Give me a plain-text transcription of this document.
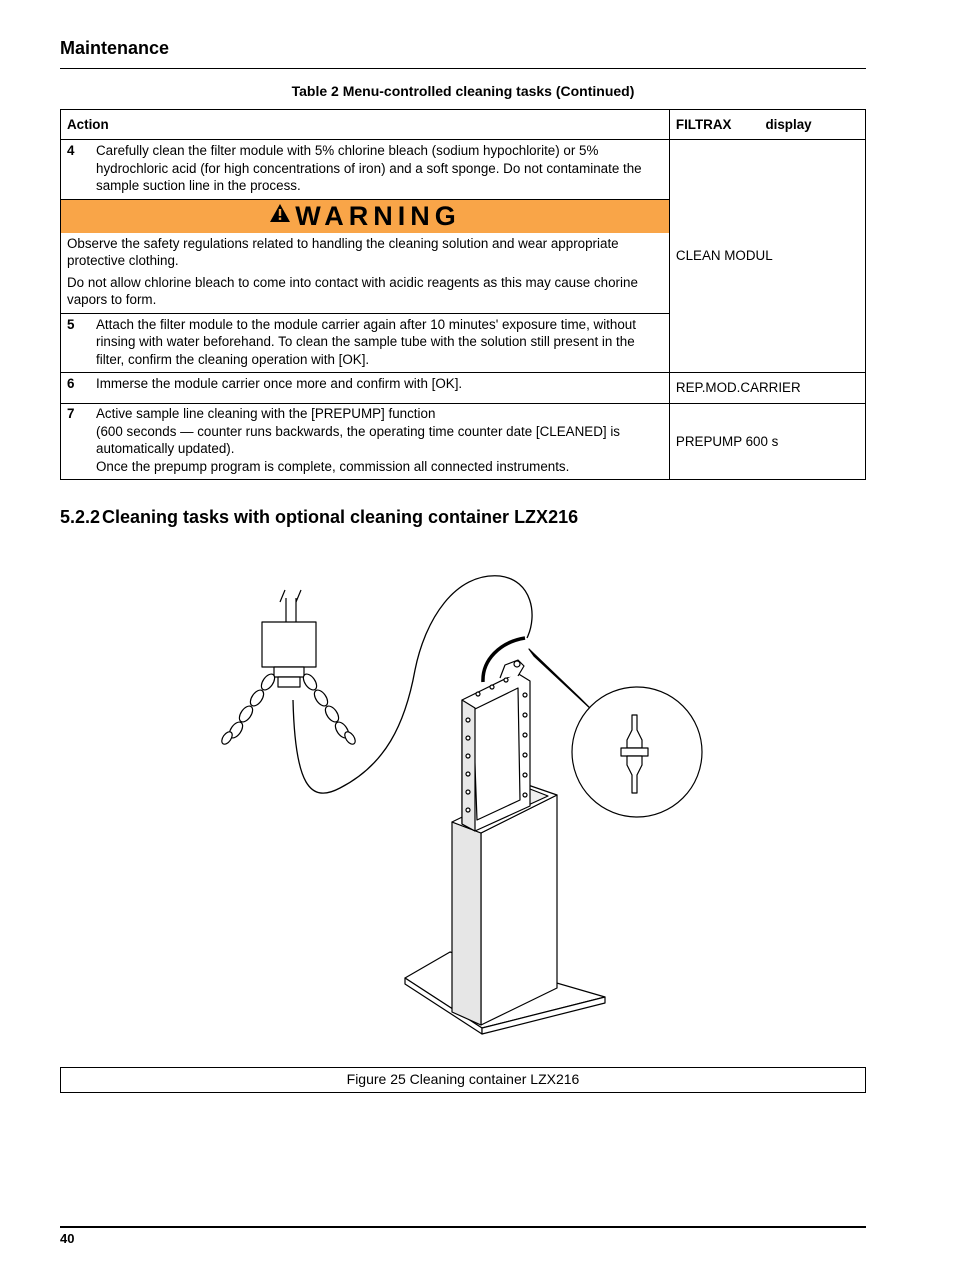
Maintenance
Table 2 Menu-controlled cleaning tasks (Continued)
Action	FILTRAX display

4 Carefully clean the filter module with 5% chlorine bleach (sodium hypochlorite) or 5% hydrochloric acid (for high concentrations of iron) and a soft sponge. Do not contaminate the sample suction line in the process.	CLEAN MODUL

WARNING

Observe the safety regulations related to handling the cleaning solution and wear appropriate protective clothing.

Do not allow chlorine bleach to come into contact with acidic reagents as this may cause chorine vapors to form.	

5 Attach the filter module to the module carrier again after 10 minutes' exposure time, without rinsing with water beforehand. To clean the sample tube with the solution still present in the filter, confirm the cleaning operation with [OK].	

6 Immerse the module carrier once more and confirm with [OK].	REP.MOD.CARRIER

7 Active sample line cleaning with the [PREPUMP] function
(600 seconds — counter runs backwards, the operating time counter date [CLEANED] is automatically updated).
Once the prepump program is complete, commission all connected instruments.	PREPUMP 600 s
5.2.2 Cleaning tasks with optional cleaning container LZX216
Figure 25 Cleaning container LZX216
40
